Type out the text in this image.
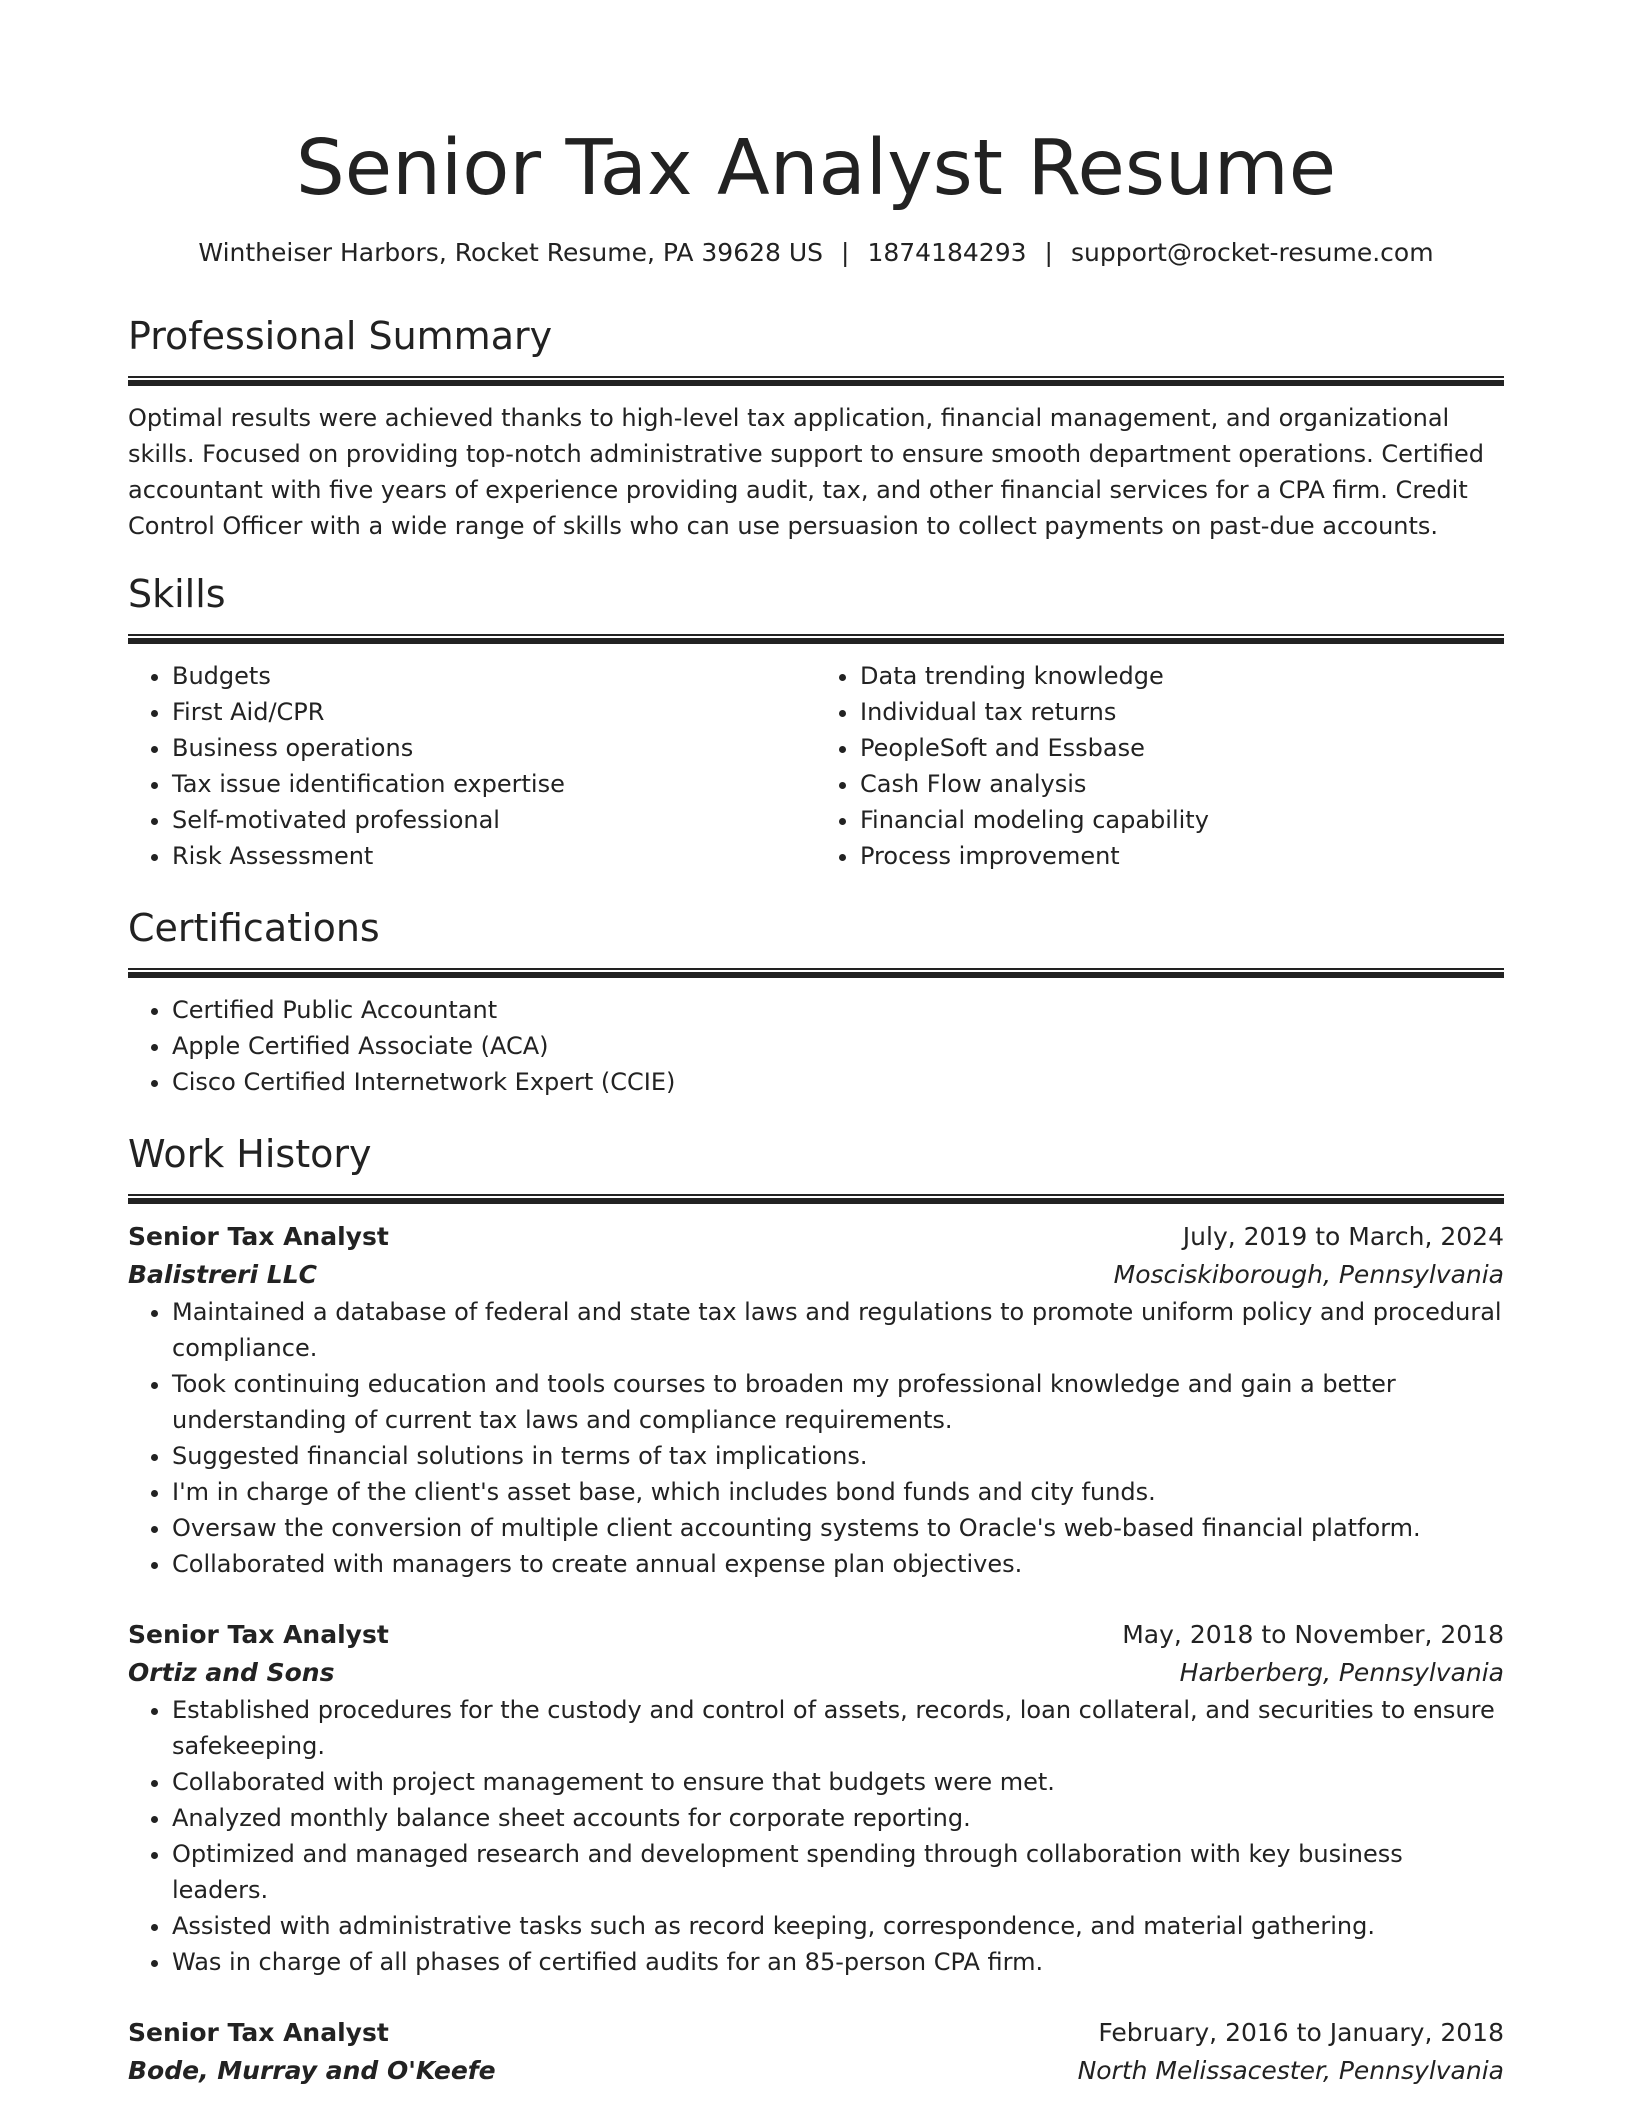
Senior Tax Analyst Resume
Wintheiser Harbors, Rocket Resume, PA 39628 US | 1874184293 | support@rocket-resume.com
Professional Summary

Optimal results were achieved thanks to high-level tax application, financial management, and organizational skills. Focused on providing top-notch administrative support to ensure smooth department operations. Certified accountant with five years of experience providing audit, tax, and other financial services for a CPA firm. Credit Control Officer with a wide range of skills who can use persuasion to collect payments on past-due accounts.

Skills
• Budgets
• First Aid/CPR
• Business operations
• Tax issue identification expertise
• Self-motivated professional
• Risk Assessment
• Data trending knowledge
• Individual tax returns
• PeopleSoft and Essbase
• Cash Flow analysis
• Financial modeling capability
• Process improvement
Certifications
• Certified Public Accountant
• Apple Certified Associate (ACA)
• Cisco Certified Internetwork Expert (CCIE)
Work History
Senior Tax Analyst	July, 2019 to March, 2024
Balistreri LLC	Mosciskiborough, Pennsylvania
• Maintained a database of federal and state tax laws and regulations to promote uniform policy and procedural compliance.
• Took continuing education and tools courses to broaden my professional knowledge and gain a better understanding of current tax laws and compliance requirements.
• Suggested financial solutions in terms of tax implications.
• I'm in charge of the client's asset base, which includes bond funds and city funds.
• Oversaw the conversion of multiple client accounting systems to Oracle's web-based financial platform.
• Collaborated with managers to create annual expense plan objectives.
Senior Tax Analyst	May, 2018 to November, 2018
Ortiz and Sons	Harberberg, Pennsylvania
• Established procedures for the custody and control of assets, records, loan collateral, and securities to ensure safekeeping.
• Collaborated with project management to ensure that budgets were met.
• Analyzed monthly balance sheet accounts for corporate reporting.
• Optimized and managed research and development spending through collaboration with key business leaders.
• Assisted with administrative tasks such as record keeping, correspondence, and material gathering.
• Was in charge of all phases of certified audits for an 85-person CPA firm.
Senior Tax Analyst	February, 2016 to January, 2018
Bode, Murray and O'Keefe	North Melissacester, Pennsylvania
